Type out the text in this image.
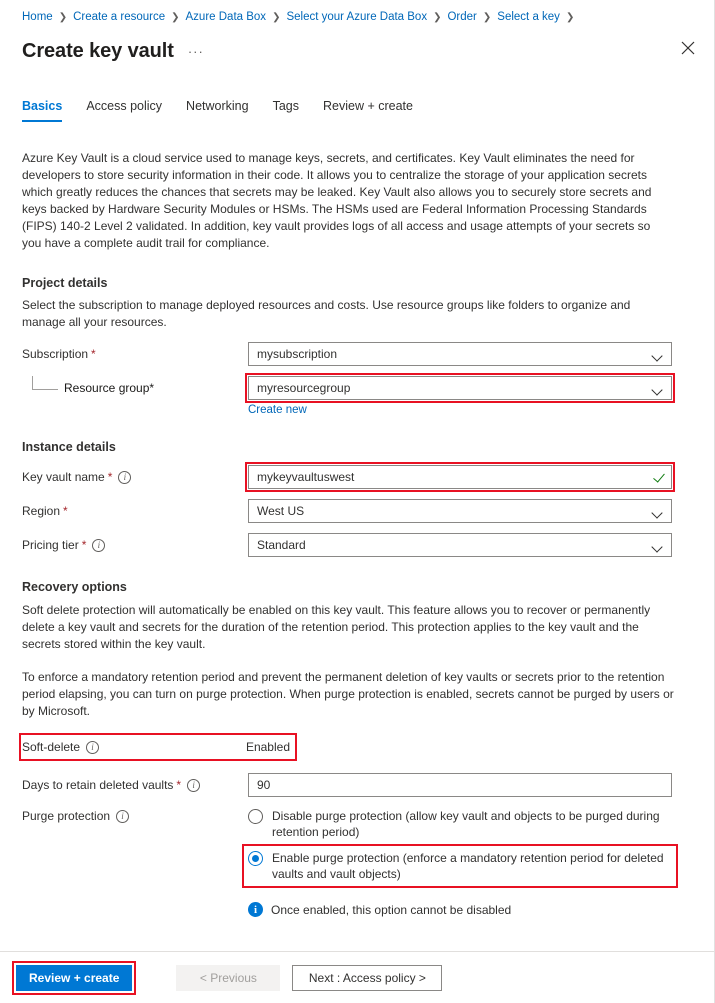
Home ❯ Create a resource ❯ Azure Data Box ❯ Select your Azure Data Box ❯ Order ❯ Select a key ❯
Create key vault ···
Basics Access policy Networking Tags Review + create
Azure Key Vault is a cloud service used to manage keys, secrets, and certificates. Key Vault eliminates the need for developers to store security information in their code. It allows you to centralize the storage of your application secrets which greatly reduces the chances that secrets may be leaked. Key Vault also allows you to securely store secrets and keys backed by Hardware Security Modules or HSMs. The HSMs used are Federal Information Processing Standards (FIPS) 140-2 Level 2 validated. In addition, key vault provides logs of all access and usage attempts of your secrets so you have a complete audit trail for compliance.
Project details
Select the subscription to manage deployed resources and costs. Use resource groups like folders to organize and manage all your resources.
Subscription *	mysubscription
Resource group *	myresourcegroup
Create new
Instance details
Key vault name *	i	mykeyvaultuswest
Region *	West US
Pricing tier *	i	Standard
Recovery options
Soft delete protection will automatically be enabled on this key vault. This feature allows you to recover or permanently delete a key vault and secrets for the duration of the retention period. This protection applies to the key vault and the secrets stored within the key vault.
To enforce a mandatory retention period and prevent the permanent deletion of key vaults or secrets prior to the retention period elapsing, you can turn on purge protection. When purge protection is enabled, secrets cannot be purged by users or by Microsoft.
Soft-delete	i	Enabled
Days to retain deleted vaults *	i	90
Purge protection	i	Disable purge protection (allow key vault and objects to be purged during retention period)
Enable purge protection (enforce a mandatory retention period for deleted vaults and vault objects)
i	Once enabled, this option cannot be disabled
Review + create	< Previous	Next : Access policy >
